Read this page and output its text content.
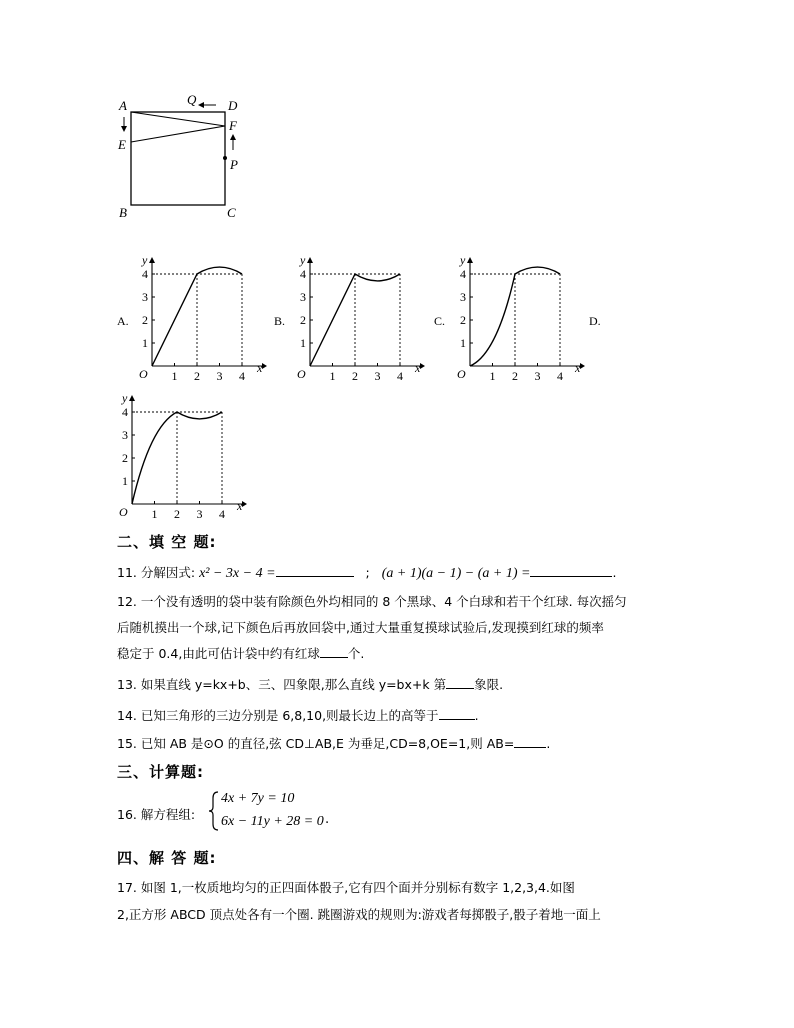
A	D
Q
F
E
P
B	C
A.	B.	C.	D.
x
y
O 1 2 3 4
1
2
3
4
x
y
O 1 2 3 4
1
2
3
4
x
y
O 1 2 3 4
1
2
3
4
x
y
O 1 2 3 4
1
2
3
4
二、填 空 题:
11. 分解因式: x² − 3x − 4 =	; (a + 1)(a − 1) − (a + 1) =	.
12. 一个没有透明的袋中装有除颜色外均相同的 8 个黑球、4 个白球和若干个红球. 每次摇匀
后随机摸出一个球,记下颜色后再放回袋中,通过大量重复摸球试验后,发现摸到红球的频率
稳定于 0.4,由此可估计袋中约有红球 个.
13. 如果直线 y=kx+b、三、四象限,那么直线 y=bx+k 第 象限.
14. 已知三角形的三边分别是 6,8,10,则最长边上的高等于	.
15. 已知 AB 是⊙O 的直径,弦 CD⊥AB,E 为垂足,CD=8,OE=1,则 AB=	.
三、计算题:
16. 解方程组:
4x + 7y = 10
6x − 11y + 28 = 0 .
四、解 答 题:
17. 如图 1,一枚质地均匀的正四面体骰子,它有四个面并分别标有数字 1,2,3,4.如图
2,正方形 ABCD 顶点处各有一个圈. 跳圈游戏的规则为:游戏者每掷骰子,骰子着地一面上
